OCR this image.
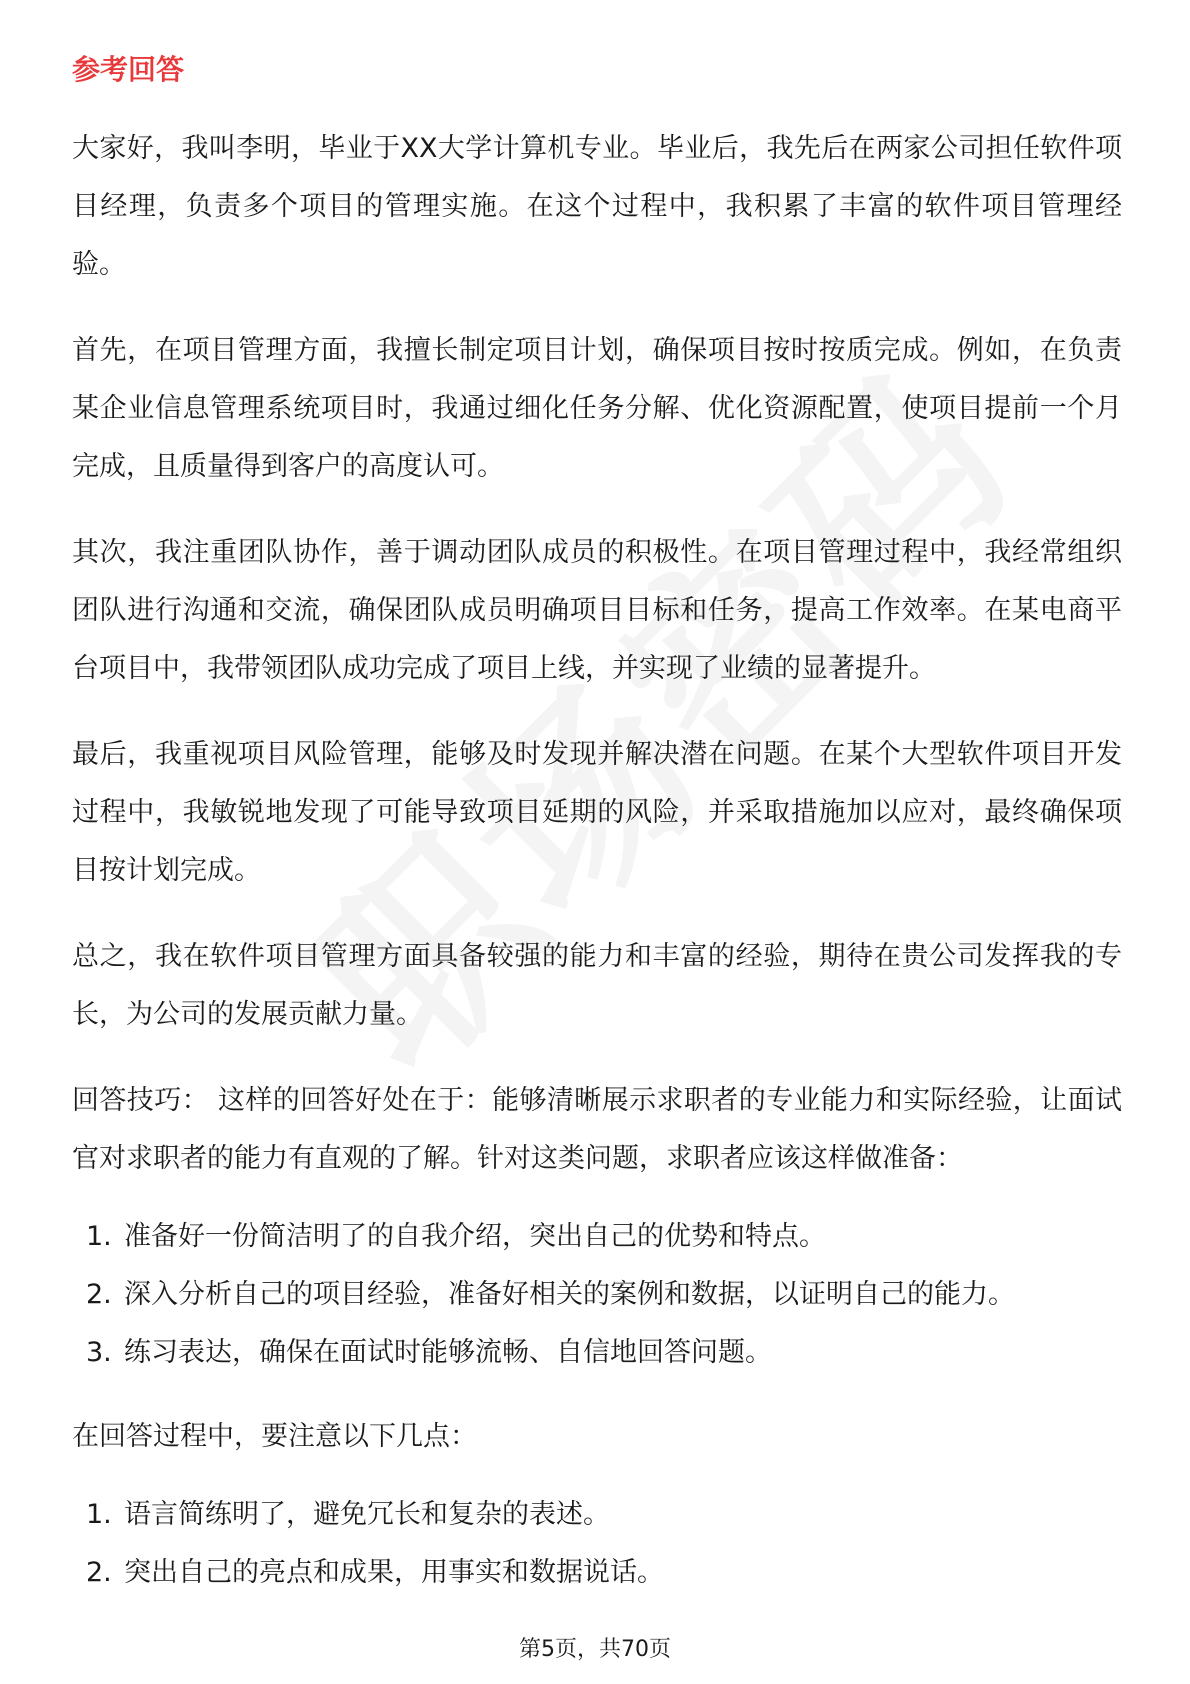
参考回答

大家好，我叫李明，毕业于XX大学计算机专业。毕业后，我先后在两家公司担任软件项目经理，负责多个项目的管理实施。在这个过程中，我积累了丰富的软件项目管理经验。

首先，在项目管理方面，我擅长制定项目计划，确保项目按时按质完成。例如，在负责某企业信息管理系统项目时，我通过细化任务分解、优化资源配置，使项目提前一个月完成，且质量得到客户的高度认可。

其次，我注重团队协作，善于调动团队成员的积极性。在项目管理过程中，我经常组织团队进行沟通和交流，确保团队成员明确项目目标和任务，提高工作效率。在某电商平台项目中，我带领团队成功完成了项目上线，并实现了业绩的显著提升。

最后，我重视项目风险管理，能够及时发现并解决潜在问题。在某个大型软件项目开发过程中，我敏锐地发现了可能导致项目延期的风险，并采取措施加以应对，最终确保项目按计划完成。

总之，我在软件项目管理方面具备较强的能力和丰富的经验，期待在贵公司发挥我的专长，为公司的发展贡献力量。

回答技巧： 这样的回答好处在于：能够清晰展示求职者的专业能力和实际经验，让面试官对求职者的能力有直观的了解。针对这类问题，求职者应该这样做准备：

1. 准备好一份简洁明了的自我介绍，突出自己的优势和特点。
2. 深入分析自己的项目经验，准备好相关的案例和数据，以证明自己的能力。
3. 练习表达，确保在面试时能够流畅、自信地回答问题。

在回答过程中，要注意以下几点：

1. 语言简练明了，避免冗长和复杂的表述。
2. 突出自己的亮点和成果，用事实和数据说话。
第5页，共70页
